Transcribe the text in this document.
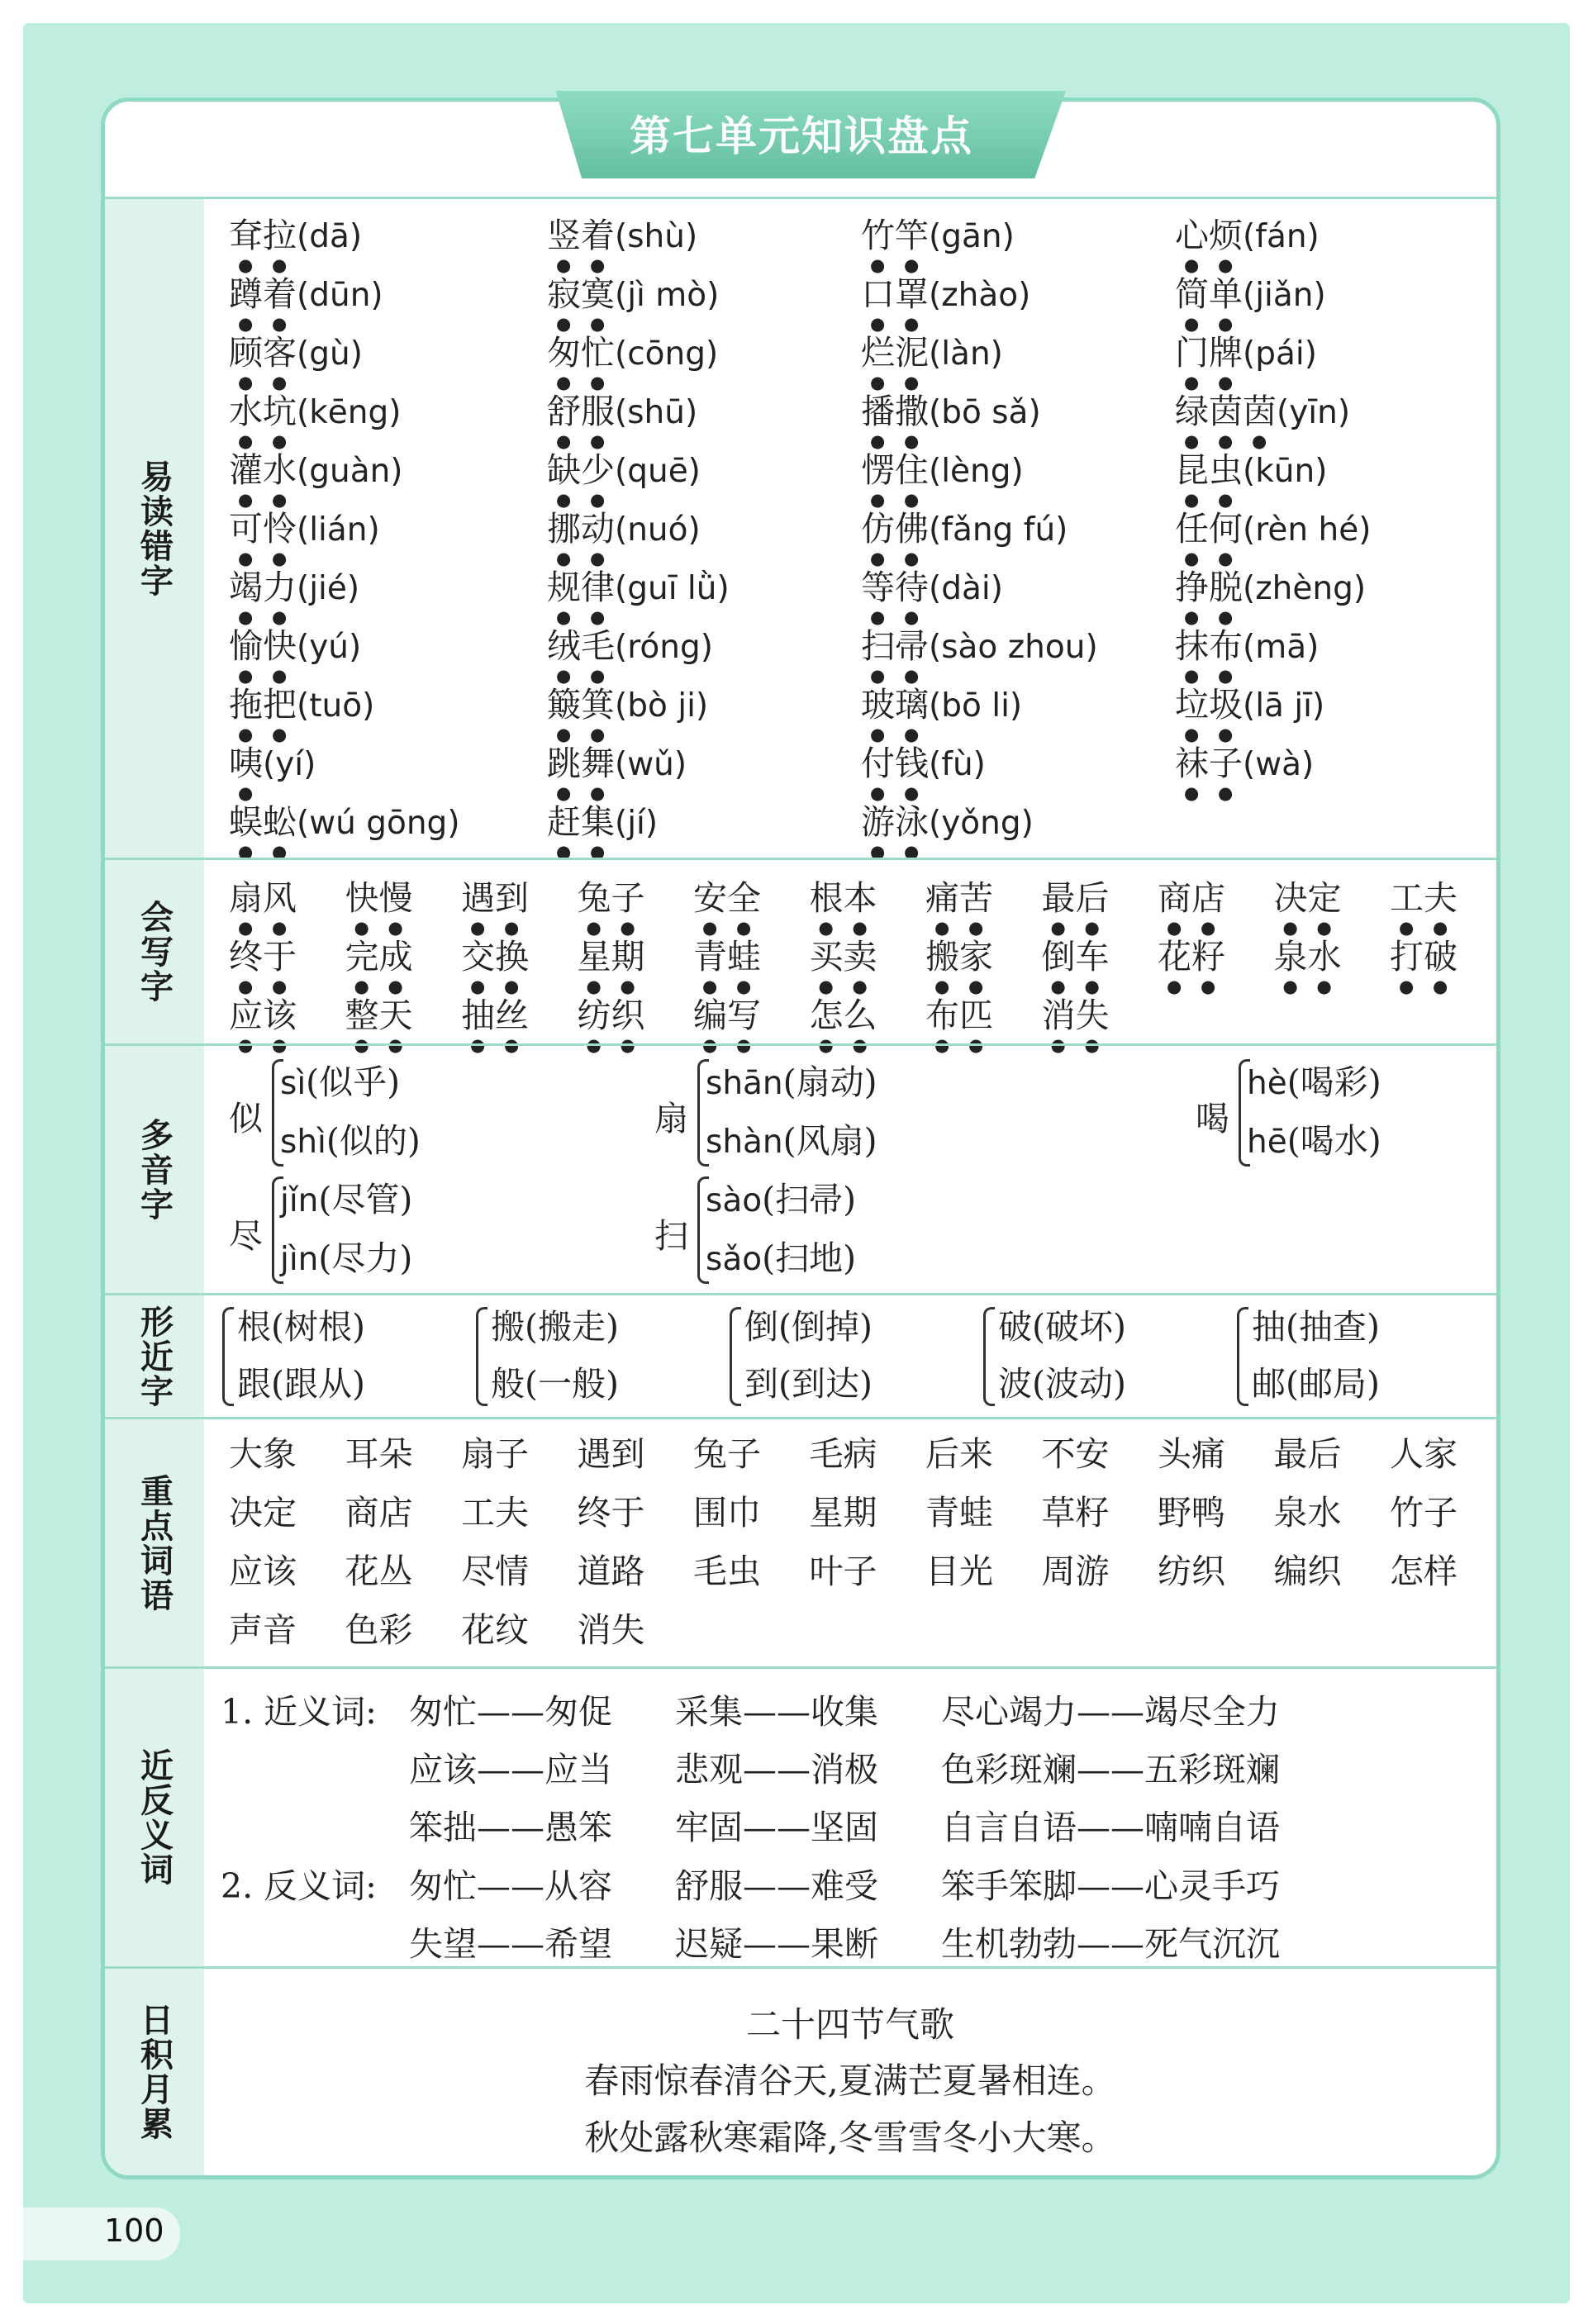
第七单元知识盘点
易读错字
耷拉(dā)
蹲着(dūn)
顾客(gù)
水坑(kēng)
灌水(guàn)
可怜(lián)
竭力(jié)
愉快(yú)
拖把(tuō)
咦(yí)
蜈蚣(wú gōng)
竖着(shù)
寂寞(jì mò)
匆忙(cōng)
舒服(shū)
缺少(quē)
挪动(nuó)
规律(guī lǜ)
绒毛(róng)
簸箕(bò ji)
跳舞(wǔ)
赶集(jí)
竹竿(gān)
口罩(zhào)
烂泥(làn)
播撒(bō sǎ)
愣住(lèng)
仿佛(fǎng fú)
等待(dài)
扫帚(sào zhou)
玻璃(bō li)
付钱(fù)
游泳(yǒng)
心烦(fán)
简单(jiǎn)
门牌(pái)
绿茵茵(yīn)
昆虫(kūn)
任何(rèn hé)
挣脱(zhèng)
抹布(mā)
垃圾(lā jī)
袜子(wà)
会写字
扇风 快慢 遇到 兔子 安全 根本 痛苦 最后 商店 决定 工夫
终于 完成 交换 星期 青蛙 买卖 搬家 倒车 花籽 泉水 打破
应该 整天 抽丝 纺织 编写 怎么 布匹 消失
多音字 似
sì(似乎)
shì(似的)
扇
shān(扇动)
shàn(风扇)
喝
hè(喝彩)
hē(喝水)
尽
jǐn(尽管)
jìn(尽力)
扫
sào(扫帚)
sǎo(扫地)
形近字 根(树根)
跟(跟从)
搬(搬走)
般(一般)
倒(倒掉)
到(到达)
破(破坏)
波(波动)
抽(抽查)
邮(邮局)
重点词语
大象 耳朵 扇子 遇到 兔子 毛病 后来 不安 头痛 最后 人家
决定 商店 工夫 终于 围巾 星期 青蛙 草籽 野鸭 泉水 竹子
应该 花丛 尽情 道路 毛虫 叶子 目光 周游 纺织 编织 怎样
声音 色彩 花纹 消失
近反义词
1. 近义词:
2. 反义词:
匆忙——匆促 采集——收集 尽心竭力——竭尽全力
应该——应当 悲观——消极 色彩斑斓——五彩斑斓
笨拙——愚笨 牢固——坚固 自言自语——喃喃自语
匆忙——从容 舒服——难受 笨手笨脚——心灵手巧
失望——希望 迟疑——果断 生机勃勃——死气沉沉
日积月累	二十四节气歌
春雨惊春清谷天,夏满芒夏暑相连。
秋处露秋寒霜降,冬雪雪冬小大寒。
100
